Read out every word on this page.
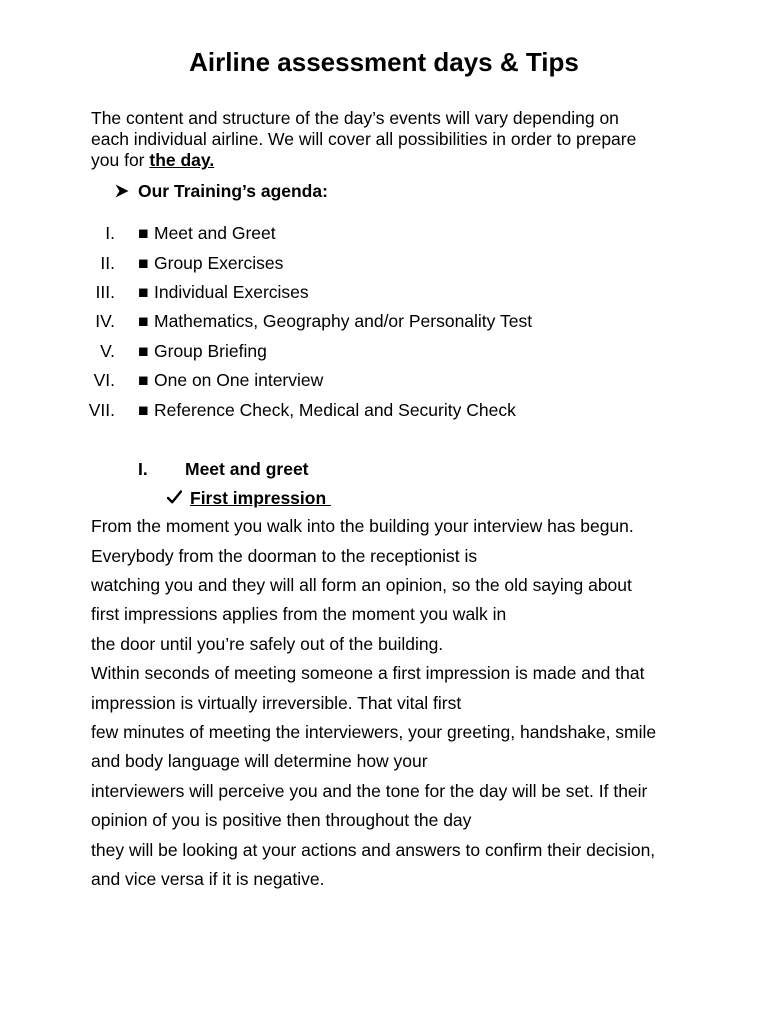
Airline assessment days & Tips
The content and structure of the day’s events will vary depending on
each individual airline. We will cover all possibilities in order to prepare
you for the day.
Our Training’s agenda:
I. ■ Meet and Greet
II. ■ Group Exercises
III. ■ Individual Exercises
IV. ■ Mathematics, Geography and/or Personality Test
V. ■ Group Briefing
VI. ■ One on One interview
VII. ■ Reference Check, Medical and Security Check
I. Meet and greet
First impression
From the moment you walk into the building your interview has begun.
Everybody from the doorman to the receptionist is
watching you and they will all form an opinion, so the old saying about
first impressions applies from the moment you walk in
the door until you’re safely out of the building.
Within seconds of meeting someone a first impression is made and that
impression is virtually irreversible. That vital first
few minutes of meeting the interviewers, your greeting, handshake, smile
and body language will determine how your
interviewers will perceive you and the tone for the day will be set. If their
opinion of you is positive then throughout the day
they will be looking at your actions and answers to confirm their decision,
and vice versa if it is negative.
